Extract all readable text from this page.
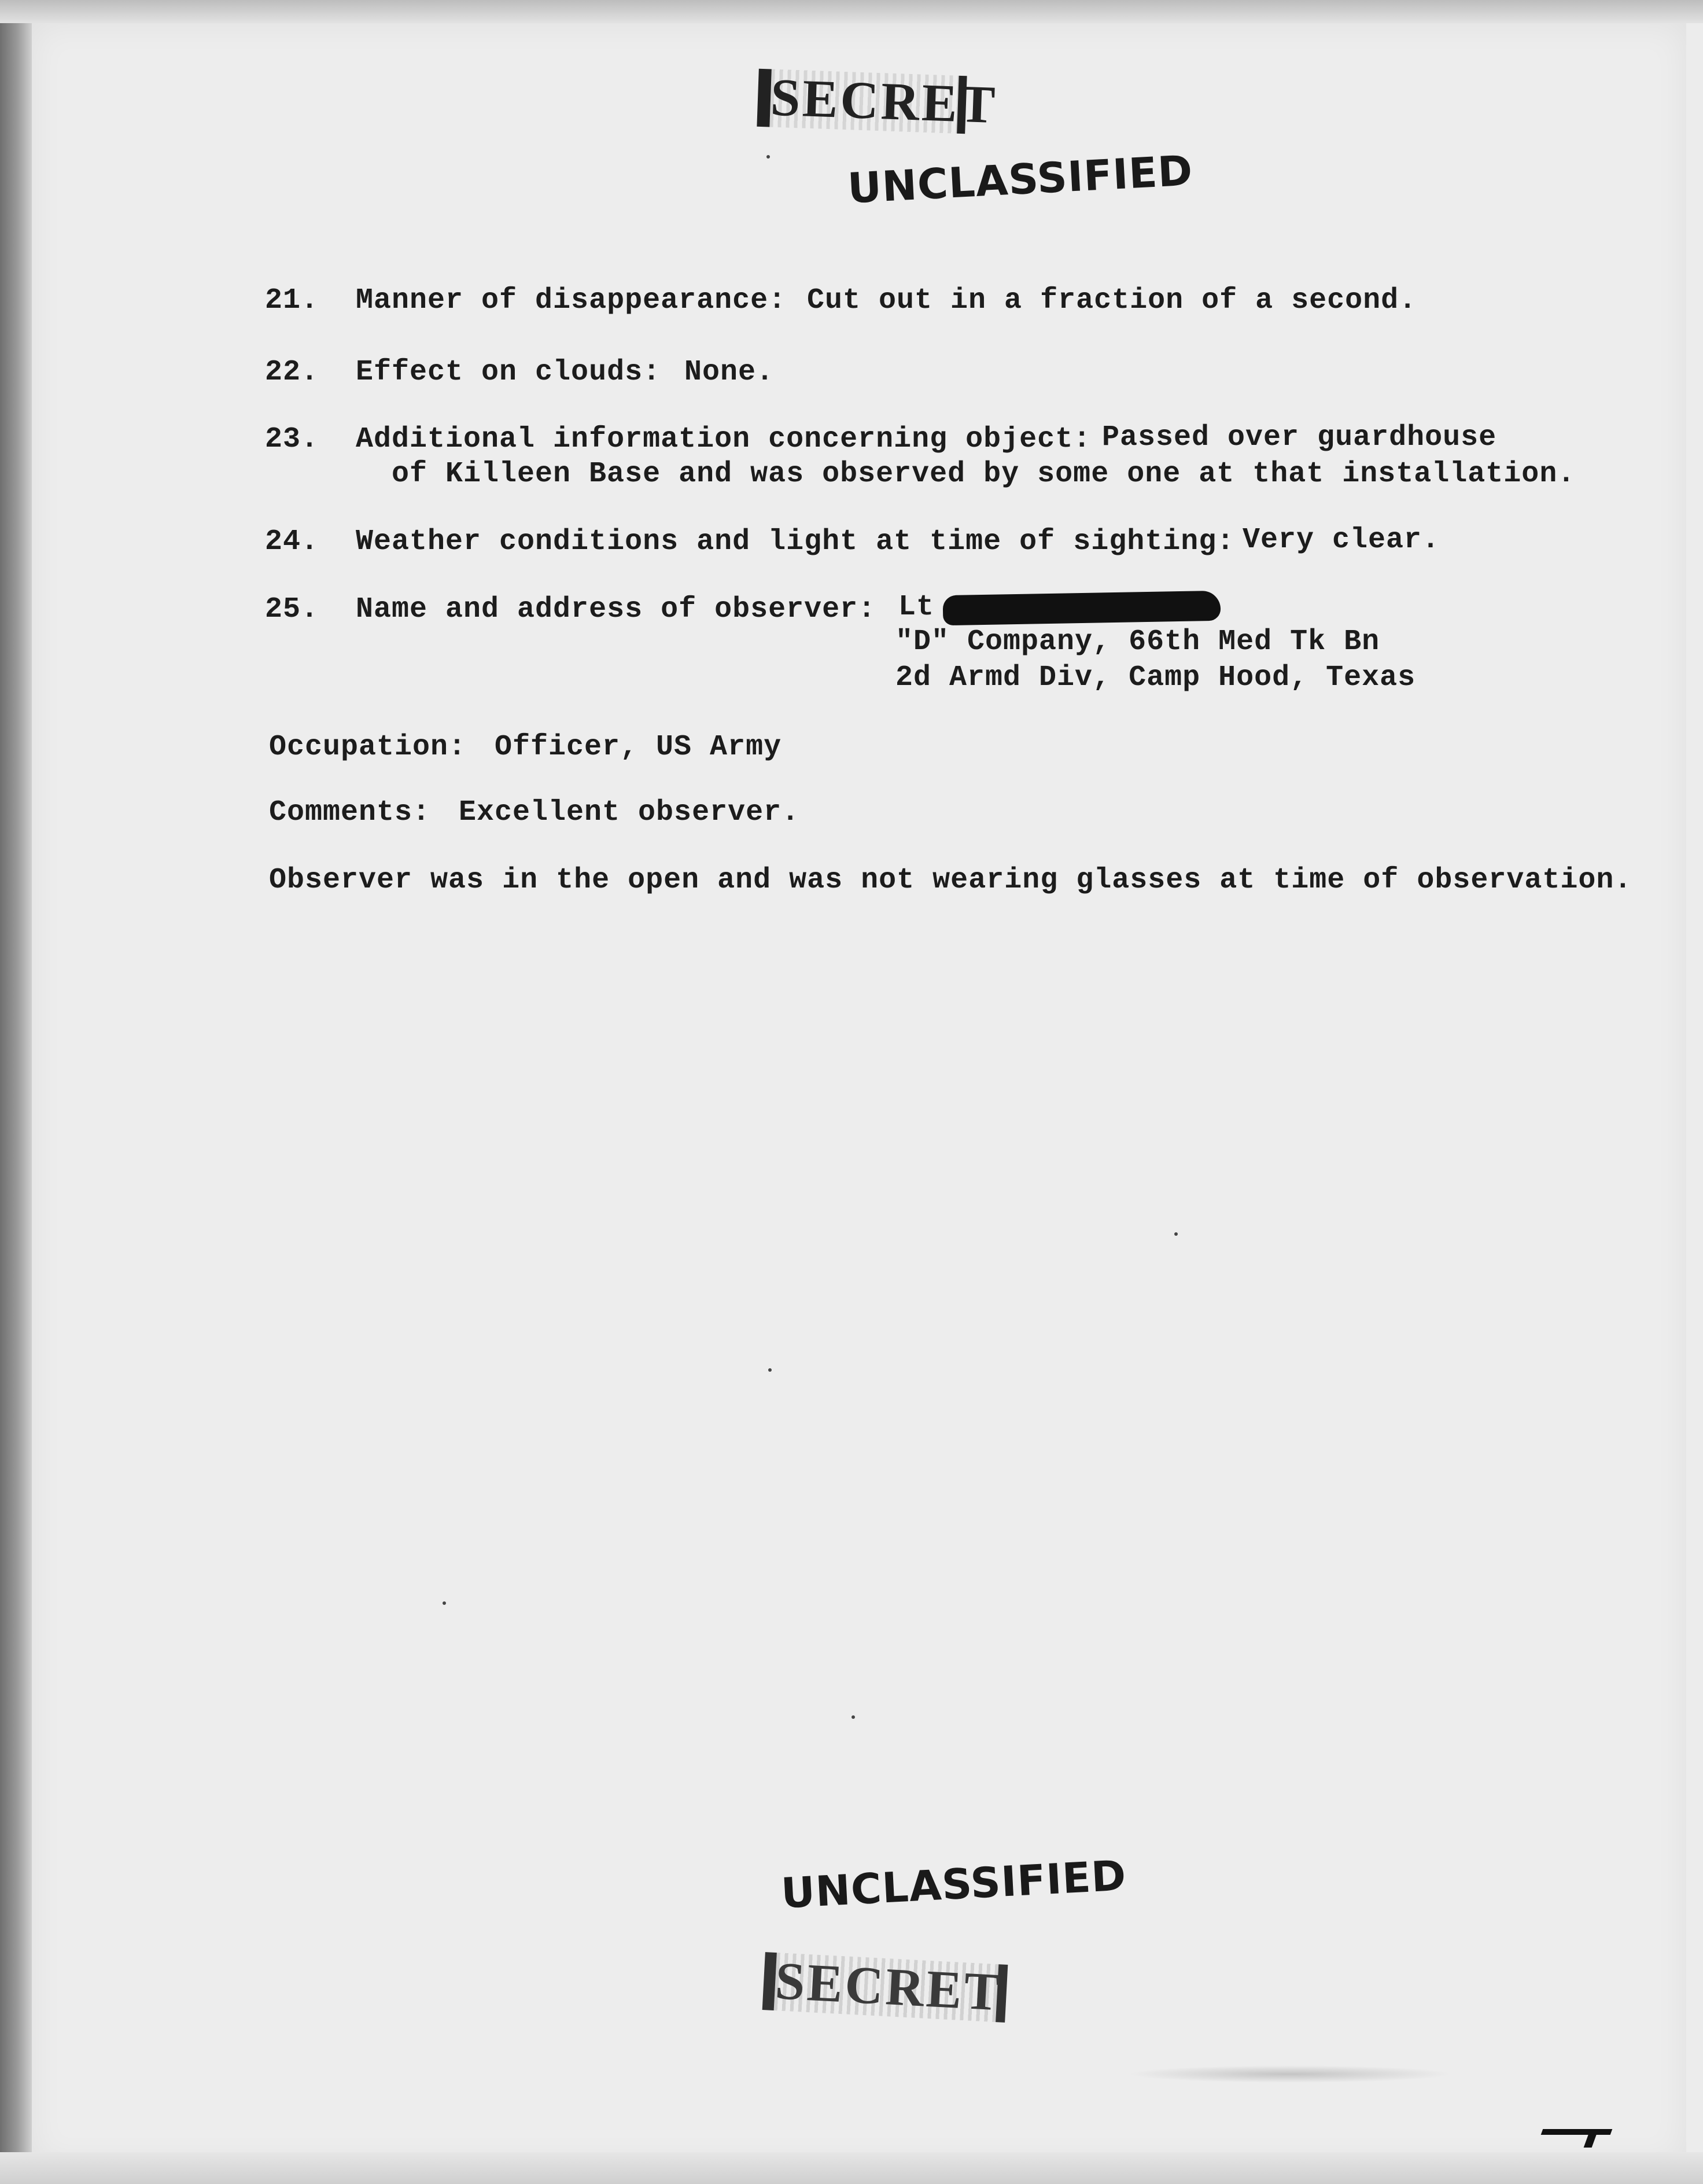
SECRET
UNCLASSIFIED
21. Manner of disappearance: Cut out in a fraction of a second.
22. Effect on clouds: None.
23. Additional information concerning object: Passed over guardhouse
of Killeen Base and was observed by some one at that installation.
24. Weather conditions and light at time of sighting: Very clear.
25. Name and address of observer: Lt
"D" Company, 66th Med Tk Bn
2d Armd Div, Camp Hood, Texas
Occupation: Officer, US Army
Comments: Excellent observer.
Observer was in the open and was not wearing glasses at time of observation.
UNCLASSIFIED
SECRET
